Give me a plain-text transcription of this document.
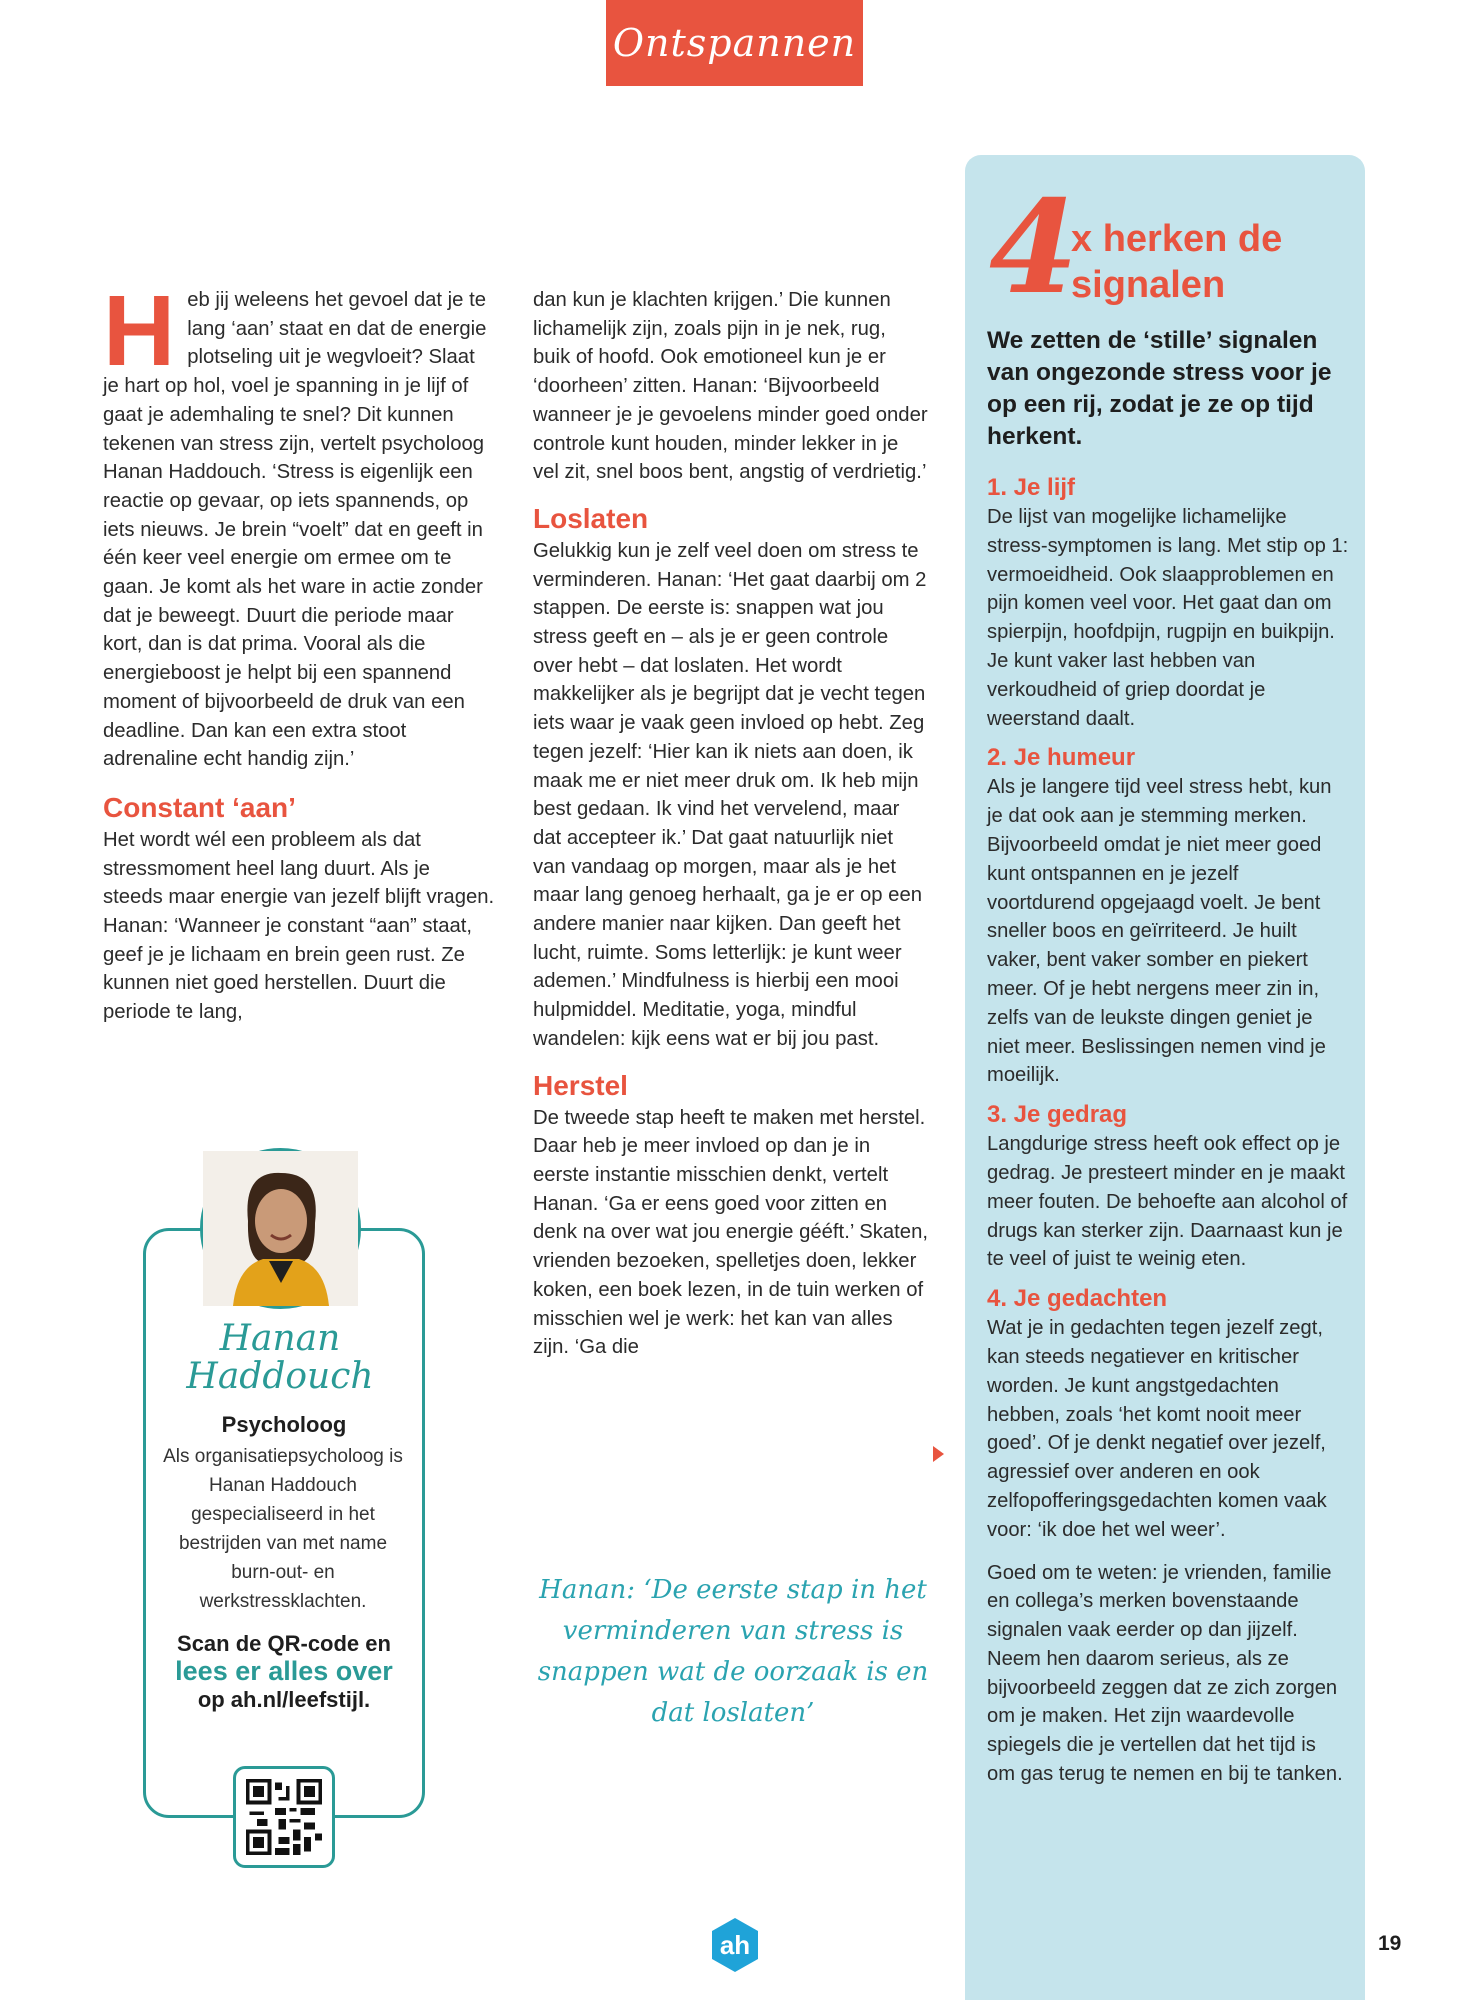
Ontspannen

Heb jij weleens het gevoel dat je te lang ‘aan’ staat en dat de energie plotseling uit je wegvloeit? Slaat je hart op hol, voel je spanning in je lijf of gaat je ademhaling te snel? Dit kunnen tekenen van stress zijn, vertelt psycholoog Hanan Haddouch. ‘Stress is eigenlijk een reactie op gevaar, op iets spannends, op iets nieuws. Je brein “voelt” dat en geeft in één keer veel energie om ermee om te gaan. Je komt als het ware in actie zonder dat je beweegt. Duurt die periode maar kort, dan is dat prima. Vooral als die energieboost je helpt bij een spannend moment of bijvoorbeeld de druk van een deadline. Dan kan een extra stoot adrenaline echt handig zijn.’

Constant ‘aan’

Het wordt wél een probleem als dat stressmoment heel lang duurt. Als je steeds maar energie van jezelf blijft vragen. Hanan: ‘Wanneer je constant “aan” staat, geef je je lichaam en brein geen rust. Ze kunnen niet goed herstellen. Duurt die periode te lang,

dan kun je klachten krijgen.’ Die kunnen lichamelijk zijn, zoals pijn in je nek, rug, buik of hoofd. Ook emotioneel kun je er ‘doorheen’ zitten. Hanan: ‘Bijvoorbeeld wanneer je je gevoelens minder goed onder controle kunt houden, minder lekker in je vel zit, snel boos bent, angstig of verdrietig.’

Loslaten

Gelukkig kun je zelf veel doen om stress te verminderen. Hanan: ‘Het gaat daarbij om 2 stappen. De eerste is: snappen wat jou stress geeft en – als je er geen controle over hebt – dat loslaten. Het wordt makkelijker als je begrijpt dat je vecht tegen iets waar je vaak geen invloed op hebt. Zeg tegen jezelf: ‘Hier kan ik niets aan doen, ik maak me er niet meer druk om. Ik heb mijn best gedaan. Ik vind het vervelend, maar dat accepteer ik.’ Dat gaat natuurlijk niet van vandaag op morgen, maar als je het maar lang genoeg herhaalt, ga je er op een andere manier naar kijken. Dan geeft het lucht, ruimte. Soms letterlijk: je kunt weer ademen.’ Mindfulness is hierbij een mooi hulpmiddel. Meditatie, yoga, mindful wandelen: kijk eens wat er bij jou past.

Herstel

De tweede stap heeft te maken met herstel. Daar heb je meer invloed op dan je in eerste instantie misschien denkt, vertelt Hanan. ‘Ga er eens goed voor zitten en denk na over wat jou energie gééft.’ Skaten, vrienden bezoeken, spelletjes doen, lekker koken, een boek lezen, in de tuin werken of misschien wel je werk: het kan van alles zijn. ‘Ga die

Hanan: ‘De eerste stap in het verminderen van stress is snappen wat de oorzaak is en dat loslaten’
Hanan Haddouch
Psycholoog
Als organisatiepsycholoog is Hanan Haddouch gespecialiseerd in het bestrijden van met name burn-out- en werkstressklachten.
Scan de QR-code en
lees er alles over
op ah.nl/leefstijl.
4
x herken de signalen

We zetten de ‘stille’ signalen van ongezonde stress voor je op een rij, zodat je ze op tijd herkent.

1. Je lijf

De lijst van mogelijke lichamelijke stress-symptomen is lang. Met stip op 1: vermoeidheid. Ook slaapproblemen en pijn komen veel voor. Het gaat dan om spierpijn, hoofdpijn, rugpijn en buikpijn. Je kunt vaker last hebben van verkoudheid of griep doordat je weerstand daalt.

2. Je humeur

Als je langere tijd veel stress hebt, kun je dat ook aan je stemming merken. Bijvoorbeeld omdat je niet meer goed kunt ontspannen en je jezelf voortdurend opgejaagd voelt. Je bent sneller boos en geïrriteerd. Je huilt vaker, bent vaker somber en piekert meer. Of je hebt nergens meer zin in, zelfs van de leukste dingen geniet je niet meer. Beslissingen nemen vind je moeilijk.

3. Je gedrag

Langdurige stress heeft ook effect op je gedrag. Je presteert minder en je maakt meer fouten. De behoefte aan alcohol of drugs kan sterker zijn. Daarnaast kun je te veel of juist te weinig eten.

4. Je gedachten

Wat je in gedachten tegen jezelf zegt, kan steeds negatiever en kritischer worden. Je kunt angstgedachten hebben, zoals ‘het komt nooit meer goed’. Of je denkt negatief over jezelf, agressief over anderen en ook zelfopofferingsgedachten komen vaak voor: ‘ik doe het wel weer’.

Goed om te weten: je vrienden, familie en collega’s merken bovenstaande signalen vaak eerder op dan jijzelf. Neem hen daarom serieus, als ze bijvoorbeeld zeggen dat ze zich zorgen om je maken. Het zijn waardevolle spiegels die je vertellen dat het tijd is om gas terug te nemen en bij te tanken.

ah	19
